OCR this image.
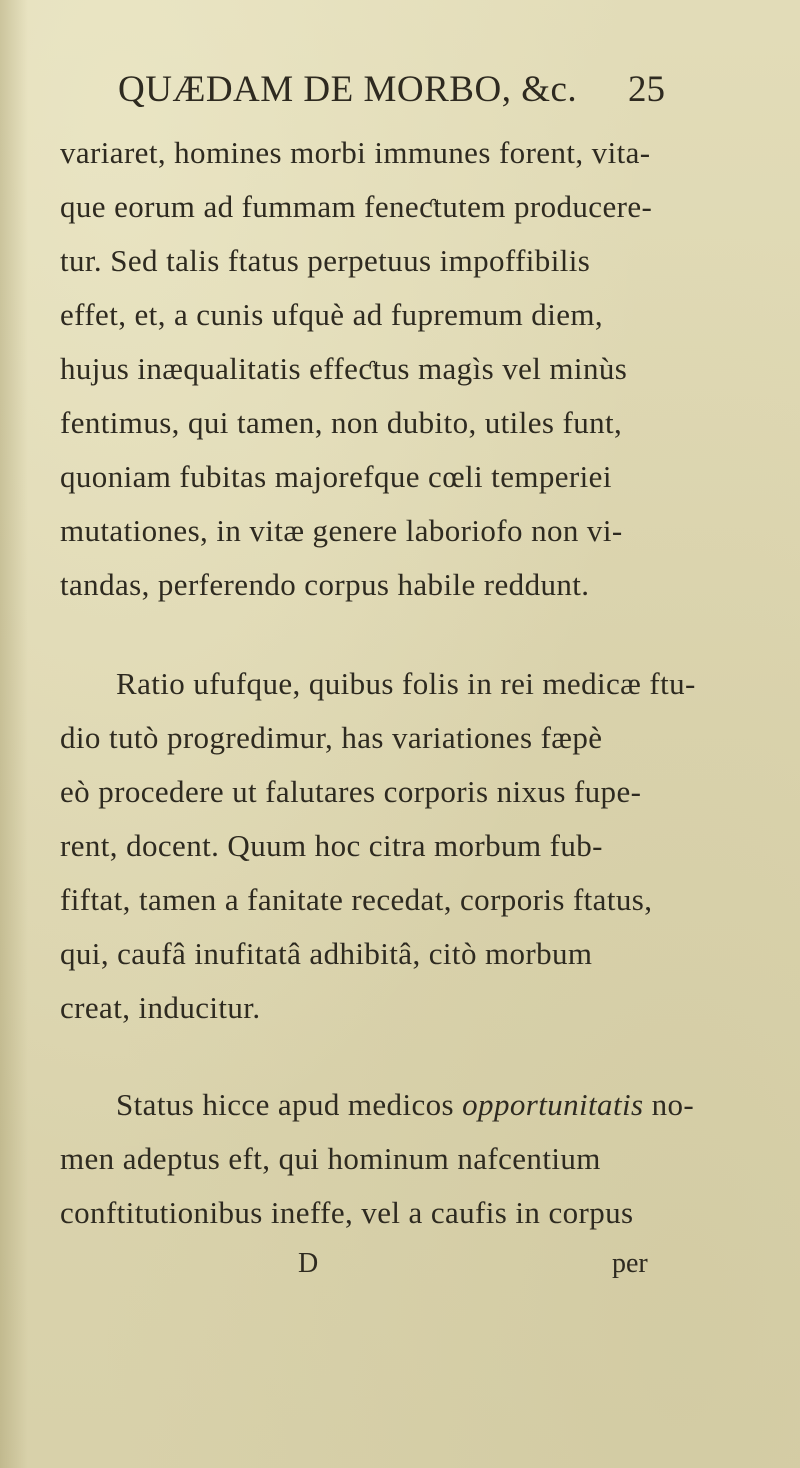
QUÆDAM DE MORBO, &c. 25
variaret, homines morbi immunes forent, vita-
que eorum ad fummam feneƈtutem producere-
tur. Sed talis ftatus perpetuus impoffibilis
effet, et, a cunis ufquè ad fupremum diem,
hujus inæqualitatis effeƈtus magìs vel minùs
fentimus, qui tamen, non dubito, utiles funt,
quoniam fubitas majorefque cœli temperiei
mutationes, in vitæ genere laboriofo non vi-
tandas, perferendo corpus habile reddunt.
Ratio ufufque, quibus folis in rei medicæ ftu-
dio tutò progredimur, has variationes fæpè
eò procedere ut falutares corporis nixus fupe-
rent, docent. Quum hoc citra morbum fub-
fiftat, tamen a fanitate recedat, corporis ftatus,
qui, caufâ inufitatâ adhibitâ, citò morbum
creat, inducitur.
Status hicce apud medicos opportunitatis no-
men adeptus eft, qui hominum nafcentium
conftitutionibus ineffe, vel a caufis in corpus
D	per
